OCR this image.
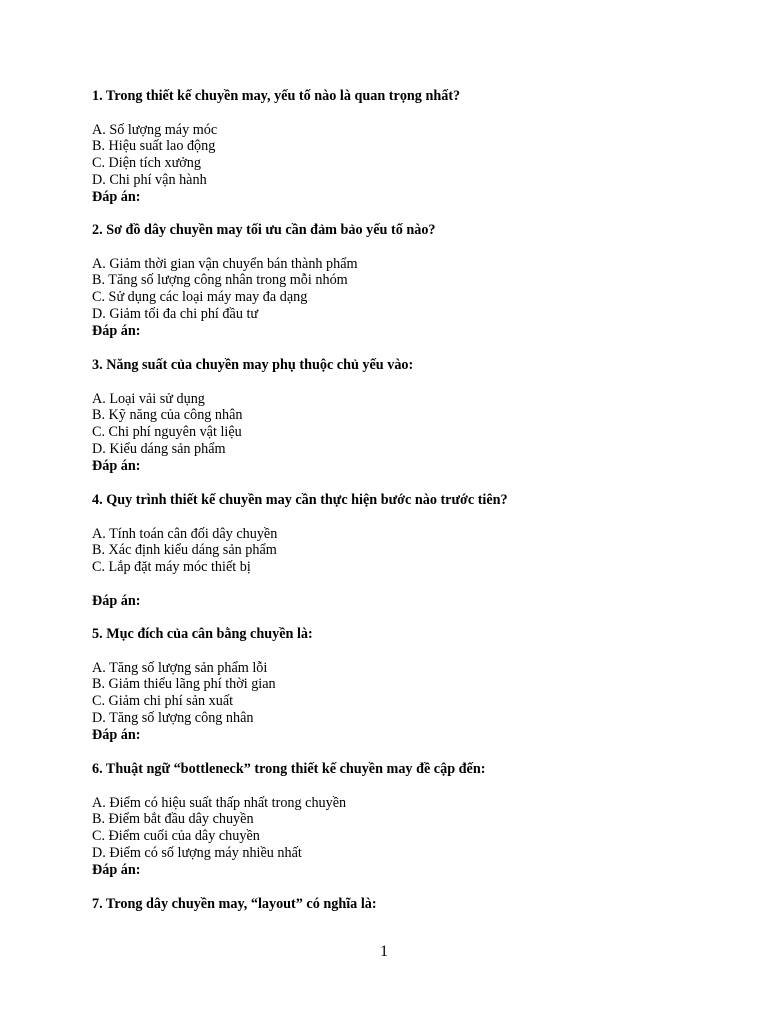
1. Trong thiết kế chuyền may, yếu tố nào là quan trọng nhất?
A. Số lượng máy móc
B. Hiệu suất lao động
C. Diện tích xưởng
D. Chi phí vận hành
Đáp án:
2. Sơ đồ dây chuyền may tối ưu cần đảm bảo yếu tố nào?
A. Giảm thời gian vận chuyển bán thành phẩm
B. Tăng số lượng công nhân trong mỗi nhóm
C. Sử dụng các loại máy may đa dạng
D. Giảm tối đa chi phí đầu tư
Đáp án:
3. Năng suất của chuyền may phụ thuộc chủ yếu vào:
A. Loại vải sử dụng
B. Kỹ năng của công nhân
C. Chi phí nguyên vật liệu
D. Kiểu dáng sản phẩm
Đáp án:
4. Quy trình thiết kế chuyền may cần thực hiện bước nào trước tiên?
A. Tính toán cân đối dây chuyền
B. Xác định kiểu dáng sản phẩm
C. Lắp đặt máy móc thiết bị
Đáp án:
5. Mục đích của cân bằng chuyền là:
A. Tăng số lượng sản phẩm lỗi
B. Giảm thiểu lãng phí thời gian
C. Giảm chi phí sản xuất
D. Tăng số lượng công nhân
Đáp án:
6. Thuật ngữ “bottleneck” trong thiết kế chuyền may đề cập đến:
A. Điểm có hiệu suất thấp nhất trong chuyền
B. Điểm bắt đầu dây chuyền
C. Điểm cuối của dây chuyền
D. Điểm có số lượng máy nhiều nhất
Đáp án:
7. Trong dây chuyền may, “layout” có nghĩa là:
1
